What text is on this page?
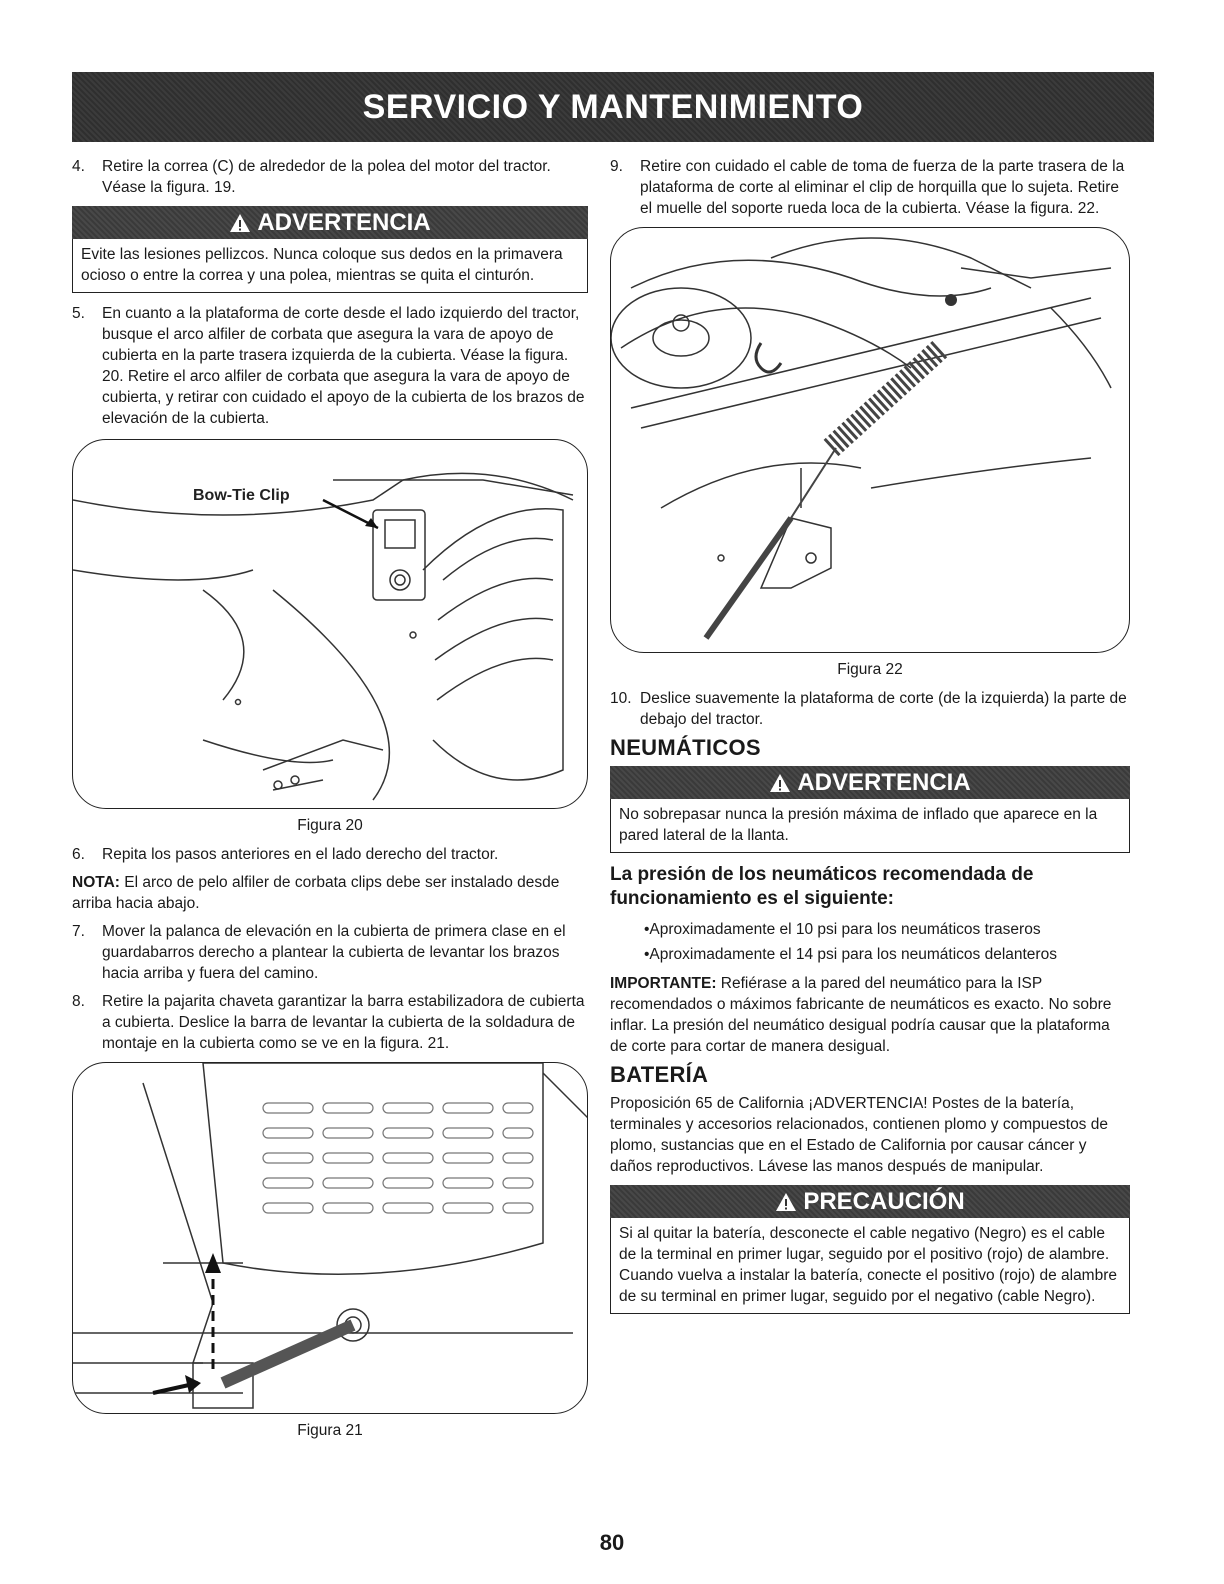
SERVICIO Y MANTENIMIENTO
4.	Retire la correa (C) de alrededor de la polea del motor del tractor. Véase la figura. 19.
ADVERTENCIA
Evite las lesiones pellizcos. Nunca coloque sus dedos en la primavera ocioso o entre la correa y una polea, mientras se quita el cinturón.
5.	En cuanto a la plataforma de corte desde el lado izquierdo del tractor, busque el arco alfiler de corbata que asegura la vara de apoyo de cubierta en la parte trasera izquierda de la cubierta. Véase la figura. 20. Retire el arco alfiler de corbata que asegura la vara de apoyo de cubierta, y retirar con cuidado el apoyo de la cubierta de los brazos de elevación de la cubierta.
Bow-Tie Clip
Figura 20
6.	Repita los pasos anteriores en el lado derecho del tractor.

NOTA: El arco de pelo alfiler de corbata clips debe ser instalado desde arriba hacia abajo.

7.	Mover la palanca de elevación en la cubierta de primera clase en el guardabarros derecho a plantear la cubierta de levantar los brazos hacia arriba y fuera del camino.
8.	Retire la pajarita chaveta garantizar la barra estabilizadora de cubierta a cubierta. Deslice la barra de levantar la cubierta de la soldadura de montaje en la cubierta como se ve en la figura. 21.
Figura 21
9.	Retire con cuidado el cable de toma de fuerza de la parte trasera de la plataforma de corte al eliminar el clip de horquilla que lo sujeta. Retire el muelle del soporte rueda loca de la cubierta. Véase la figura. 22.
Figura 22
10. Deslice suavemente la plataforma de corte (de la izquierda) la parte de debajo del tractor.
NEUMÁTICOS
ADVERTENCIA
No sobrepasar nunca la presión máxima de inflado que aparece en la pared lateral de la llanta.
La presión de los neumáticos recomendada de funcionamiento es el siguiente:
•Aproximadamente el 10 psi para los neumáticos traseros
•Aproximadamente el 14 psi para los neumáticos delanteros

IMPORTANTE: Refiérase a la pared del neumático para la ISP recomendados o máximos fabricante de neumáticos es exacto. No sobre inflar. La presión del neumático desigual podría causar que la plataforma de corte para cortar de manera desigual.

BATERÍA

Proposición 65 de California ¡ADVERTENCIA! Postes de la batería, terminales y accesorios relacionados, contienen plomo y compuestos de plomo, sustancias que en el Estado de California por causar cáncer y daños reproductivos. Lávese las manos después de manipular.

PRECAUCIÓN
Si al quitar la batería, desconecte el cable negativo (Negro) es el cable de la terminal en primer lugar, seguido por el positivo (rojo) de alambre. Cuando vuelva a instalar la batería, conecte el positivo (rojo) de alambre de su terminal en primer lugar, seguido por el negativo (cable Negro).
80
